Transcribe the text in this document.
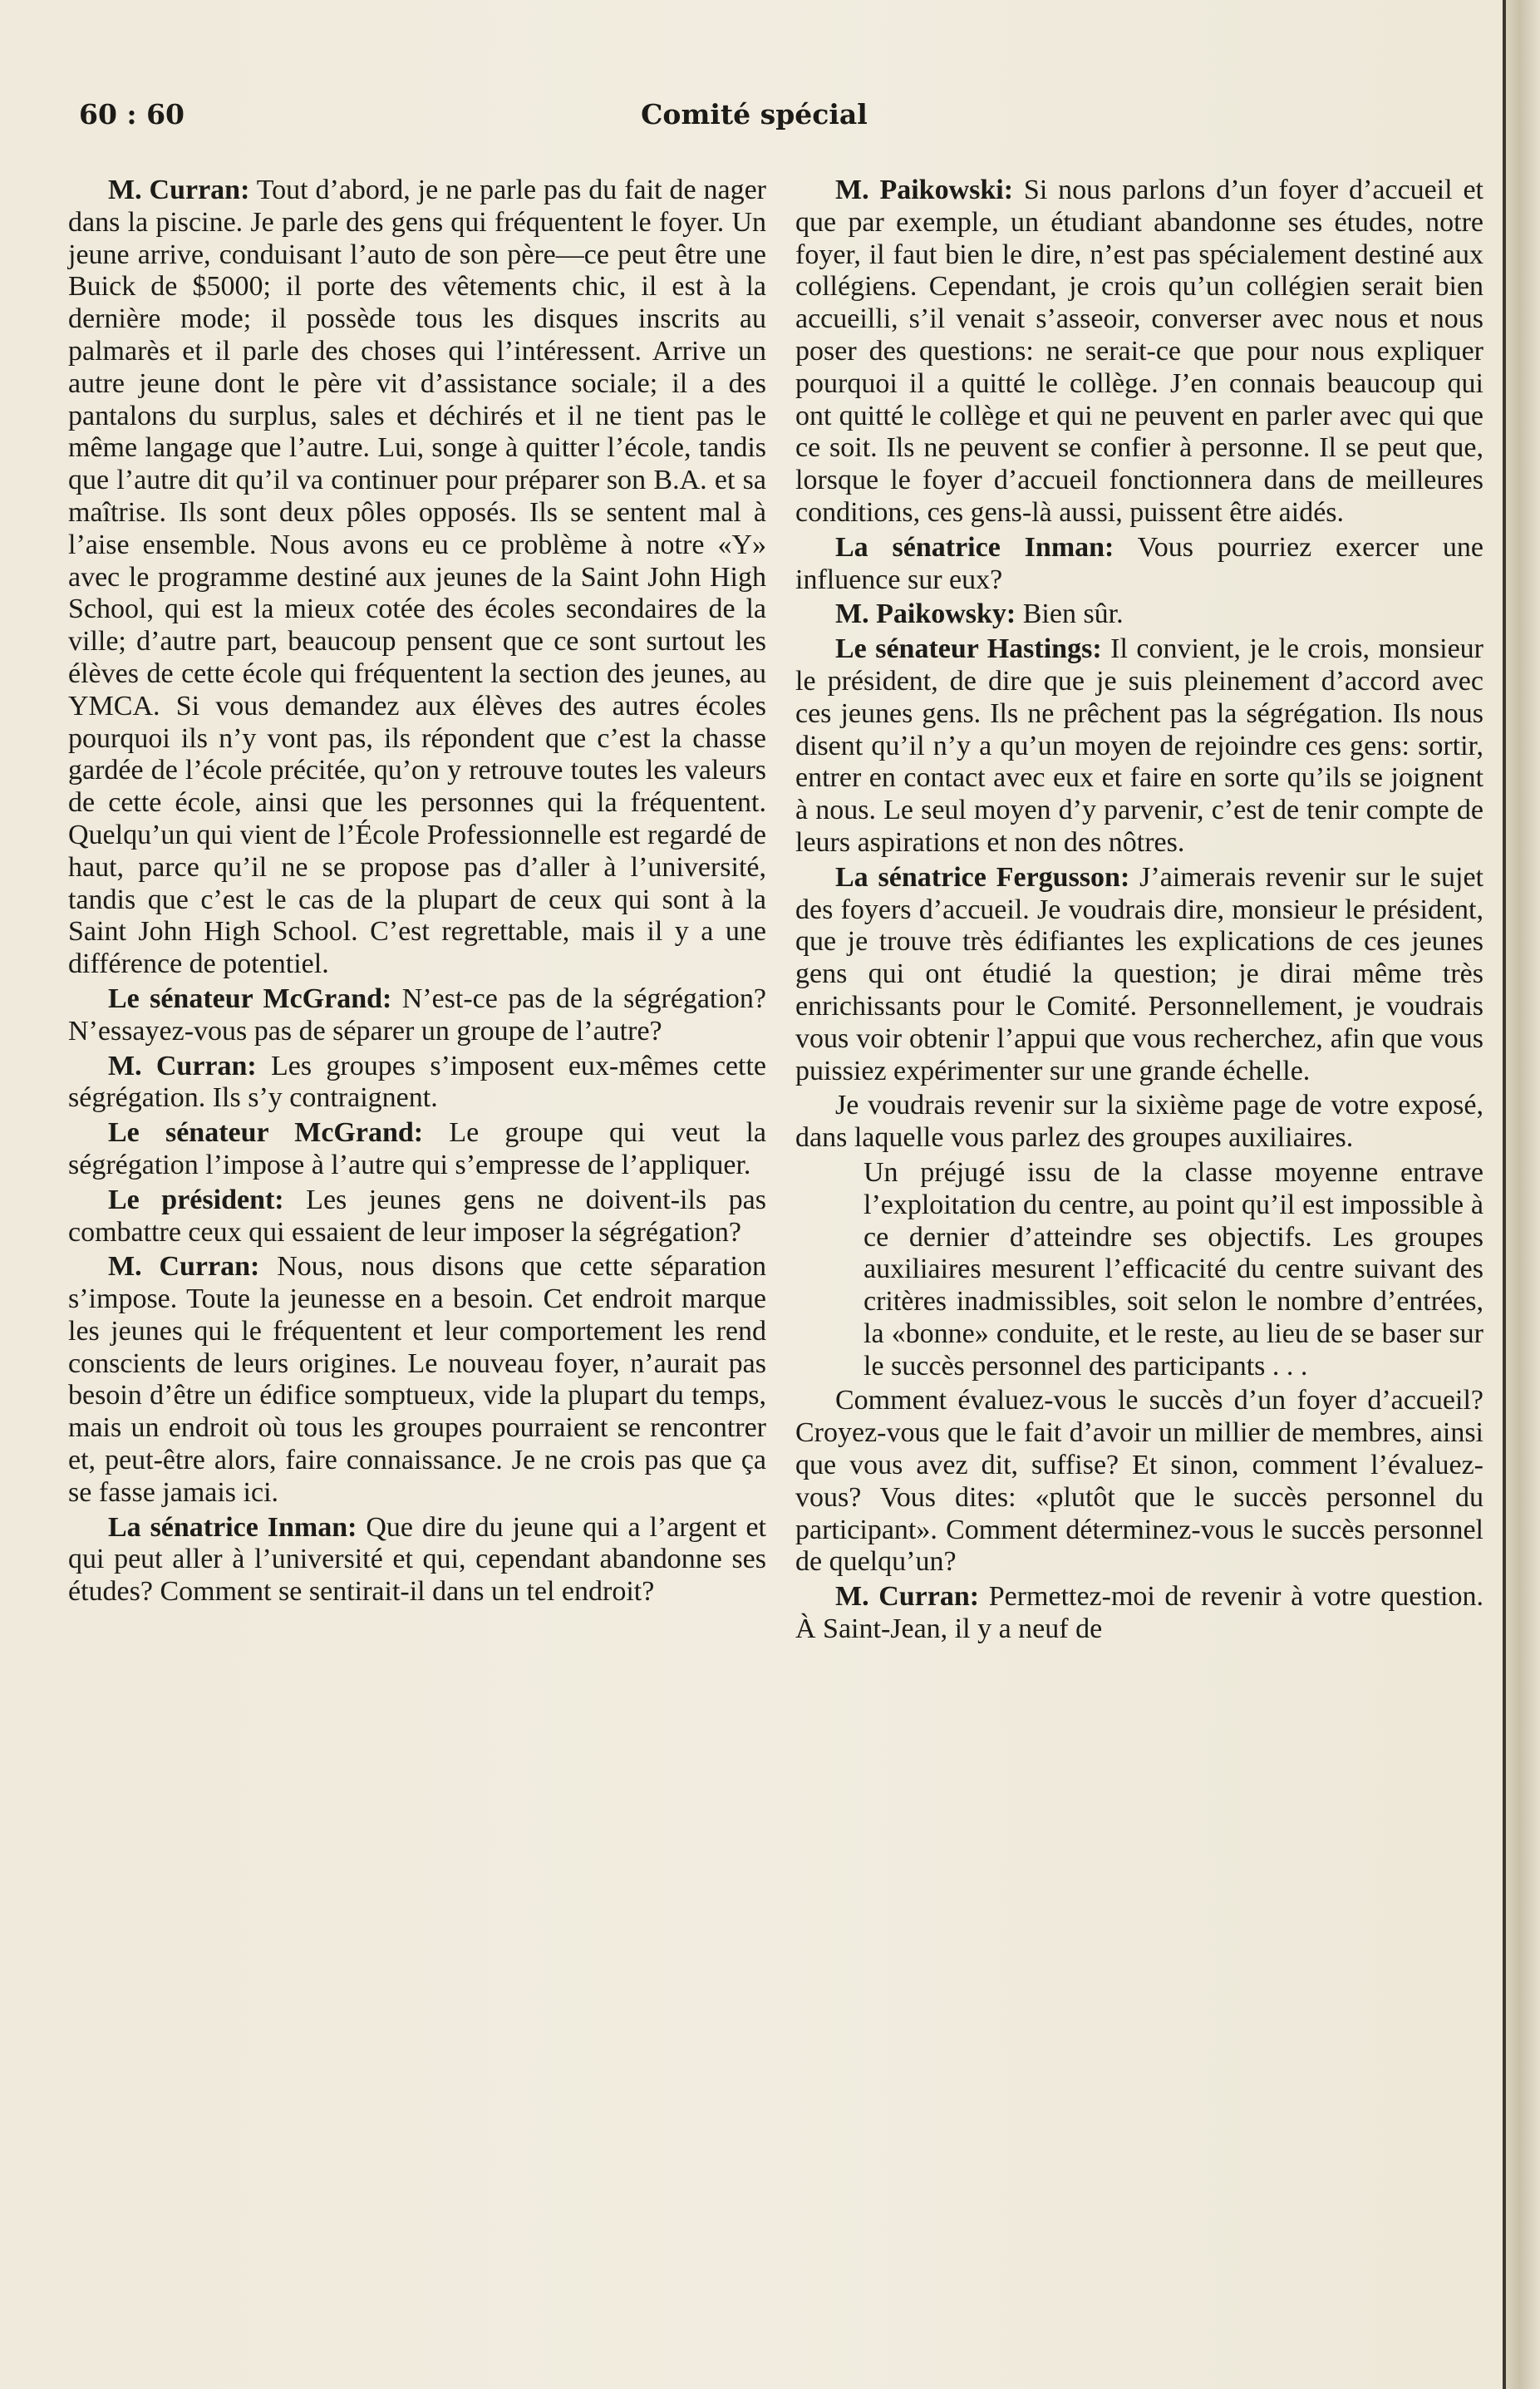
60 : 60	Comité spécial

M. Curran: Tout d’abord, je ne parle pas du fait de nager dans la piscine. Je parle des gens qui fréquentent le foyer. Un jeune arrive, conduisant l’auto de son père—ce peut être une Buick de $5000; il porte des vêtements chic, il est à la dernière mode; il possède tous les disques inscrits au palmarès et il parle des choses qui l’intéressent. Arrive un autre jeune dont le père vit d’assistance sociale; il a des pantalons du surplus, sales et déchirés et il ne tient pas le même langage que l’autre. Lui, songe à quitter l’école, tandis que l’autre dit qu’il va continuer pour préparer son B.A. et sa maîtrise. Ils sont deux pôles opposés. Ils se sentent mal à l’aise ensemble. Nous avons eu ce problème à notre «Y» avec le programme destiné aux jeunes de la Saint John High School, qui est la mieux cotée des écoles secondaires de la ville; d’autre part, beaucoup pensent que ce sont surtout les élèves de cette école qui fréquentent la section des jeunes, au YMCA. Si vous demandez aux élèves des autres écoles pourquoi ils n’y vont pas, ils répondent que c’est la chasse gardée de l’école précitée, qu’on y retrouve toutes les valeurs de cette école, ainsi que les personnes qui la fréquentent. Quelqu’un qui vient de l’École Professionnelle est regardé de haut, parce qu’il ne se propose pas d’aller à l’université, tandis que c’est le cas de la plupart de ceux qui sont à la Saint John High School. C’est regrettable, mais il y a une différence de potentiel.

Le sénateur McGrand: N’est-ce pas de la ségrégation? N’essayez-vous pas de séparer un groupe de l’autre?

M. Curran: Les groupes s’imposent eux-mêmes cette ségrégation. Ils s’y contraignent.

Le sénateur McGrand: Le groupe qui veut la ségrégation l’impose à l’autre qui s’empresse de l’appliquer.

Le président: Les jeunes gens ne doivent-ils pas combattre ceux qui essaient de leur imposer la ségrégation?

M. Curran: Nous, nous disons que cette séparation s’impose. Toute la jeunesse en a besoin. Cet endroit marque les jeunes qui le fréquentent et leur comportement les rend conscients de leurs origines. Le nouveau foyer, n’aurait pas besoin d’être un édifice somptueux, vide la plupart du temps, mais un endroit où tous les groupes pourraient se rencontrer et, peut-être alors, faire connaissance. Je ne crois pas que ça se fasse jamais ici.

La sénatrice Inman: Que dire du jeune qui a l’argent et qui peut aller à l’université et qui, cependant abandonne ses études? Comment se sentirait-il dans un tel endroit?

M. Paikowski: Si nous parlons d’un foyer d’accueil et que par exemple, un étudiant abandonne ses études, notre foyer, il faut bien le dire, n’est pas spécialement destiné aux collégiens. Cependant, je crois qu’un collégien serait bien accueilli, s’il venait s’asseoir, converser avec nous et nous poser des questions: ne serait-ce que pour nous expliquer pourquoi il a quitté le collège. J’en connais beaucoup qui ont quitté le collège et qui ne peuvent en parler avec qui que ce soit. Ils ne peuvent se confier à personne. Il se peut que, lorsque le foyer d’accueil fonctionnera dans de meilleures conditions, ces gens-là aussi, puissent être aidés.

La sénatrice Inman: Vous pourriez exercer une influence sur eux?

M. Paikowsky: Bien sûr.

Le sénateur Hastings: Il convient, je le crois, monsieur le président, de dire que je suis pleinement d’accord avec ces jeunes gens. Ils ne prêchent pas la ségrégation. Ils nous disent qu’il n’y a qu’un moyen de rejoindre ces gens: sortir, entrer en contact avec eux et faire en sorte qu’ils se joignent à nous. Le seul moyen d’y parvenir, c’est de tenir compte de leurs aspirations et non des nôtres.

La sénatrice Fergusson: J’aimerais revenir sur le sujet des foyers d’accueil. Je voudrais dire, monsieur le président, que je trouve très édifiantes les explications de ces jeunes gens qui ont étudié la question; je dirai même très enrichissants pour le Comité. Personnellement, je voudrais vous voir obtenir l’appui que vous recherchez, afin que vous puissiez expérimenter sur une grande échelle.

Je voudrais revenir sur la sixième page de votre exposé, dans laquelle vous parlez des groupes auxiliaires.

Un préjugé issu de la classe moyenne entrave l’exploitation du centre, au point qu’il est impossible à ce dernier d’atteindre ses objectifs. Les groupes auxiliaires mesurent l’efficacité du centre suivant des critères inadmissibles, soit selon le nombre d’entrées, la «bonne» conduite, et le reste, au lieu de se baser sur le succès personnel des participants . . .

Comment évaluez-vous le succès d’un foyer d’accueil? Croyez-vous que le fait d’avoir un millier de membres, ainsi que vous avez dit, suffise? Et sinon, comment l’évaluez-vous? Vous dites: «plutôt que le succès personnel du participant». Comment déterminez-vous le succès personnel de quelqu’un?

M. Curran: Permettez-moi de revenir à votre question. À Saint-Jean, il y a neuf de
